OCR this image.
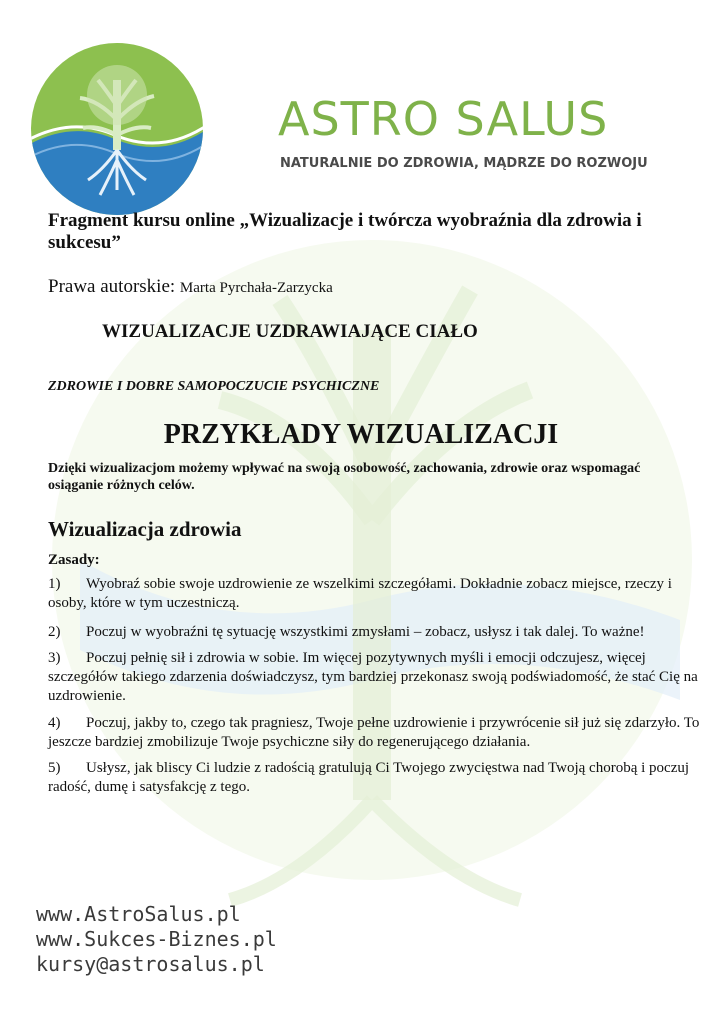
ASTRO SALUS
NATURALNIE DO ZDROWIA, MĄDRZE DO ROZWOJU
Fragment kursu online „Wizualizacje i twórcza wyobraźnia dla zdrowia i sukcesu”
Prawa autorskie: Marta Pyrchała-Zarzycka
WIZUALIZACJE UZDRAWIAJĄCE CIAŁO
ZDROWIE I DOBRE SAMOPOCZUCIE PSYCHICZNE
PRZYKŁADY WIZUALIZACJI
Dzięki wizualizacjom możemy wpływać na swoją osobowość, zachowania, zdrowie oraz wspomagać osiąganie różnych celów.
Wizualizacja zdrowia
Zasady:
1) Wyobraź sobie swoje uzdrowienie ze wszelkimi szczegółami. Dokładnie zobacz miejsce, rzeczy i osoby, które w tym uczestniczą.
2) Poczuj w wyobraźni tę sytuację wszystkimi zmysłami – zobacz, usłysz i tak dalej. To ważne!
3) Poczuj pełnię sił i zdrowia w sobie. Im więcej pozytywnych myśli i emocji odczujesz, więcej szczegółów takiego zdarzenia doświadczysz, tym bardziej przekonasz swoją podświadomość, że stać Cię na uzdrowienie.
4) Poczuj, jakby to, czego tak pragniesz, Twoje pełne uzdrowienie i przywrócenie sił już się zdarzyło. To jeszcze bardziej zmobilizuje Twoje psychiczne siły do regenerującego działania.
5) Usłysz, jak bliscy Ci ludzie z radością gratulują Ci Twojego zwycięstwa nad Twoją chorobą i poczuj radość, dumę i satysfakcję z tego.
www.AstroSalus.pl
www.Sukces-Biznes.pl
kursy@astrosalus.pl
